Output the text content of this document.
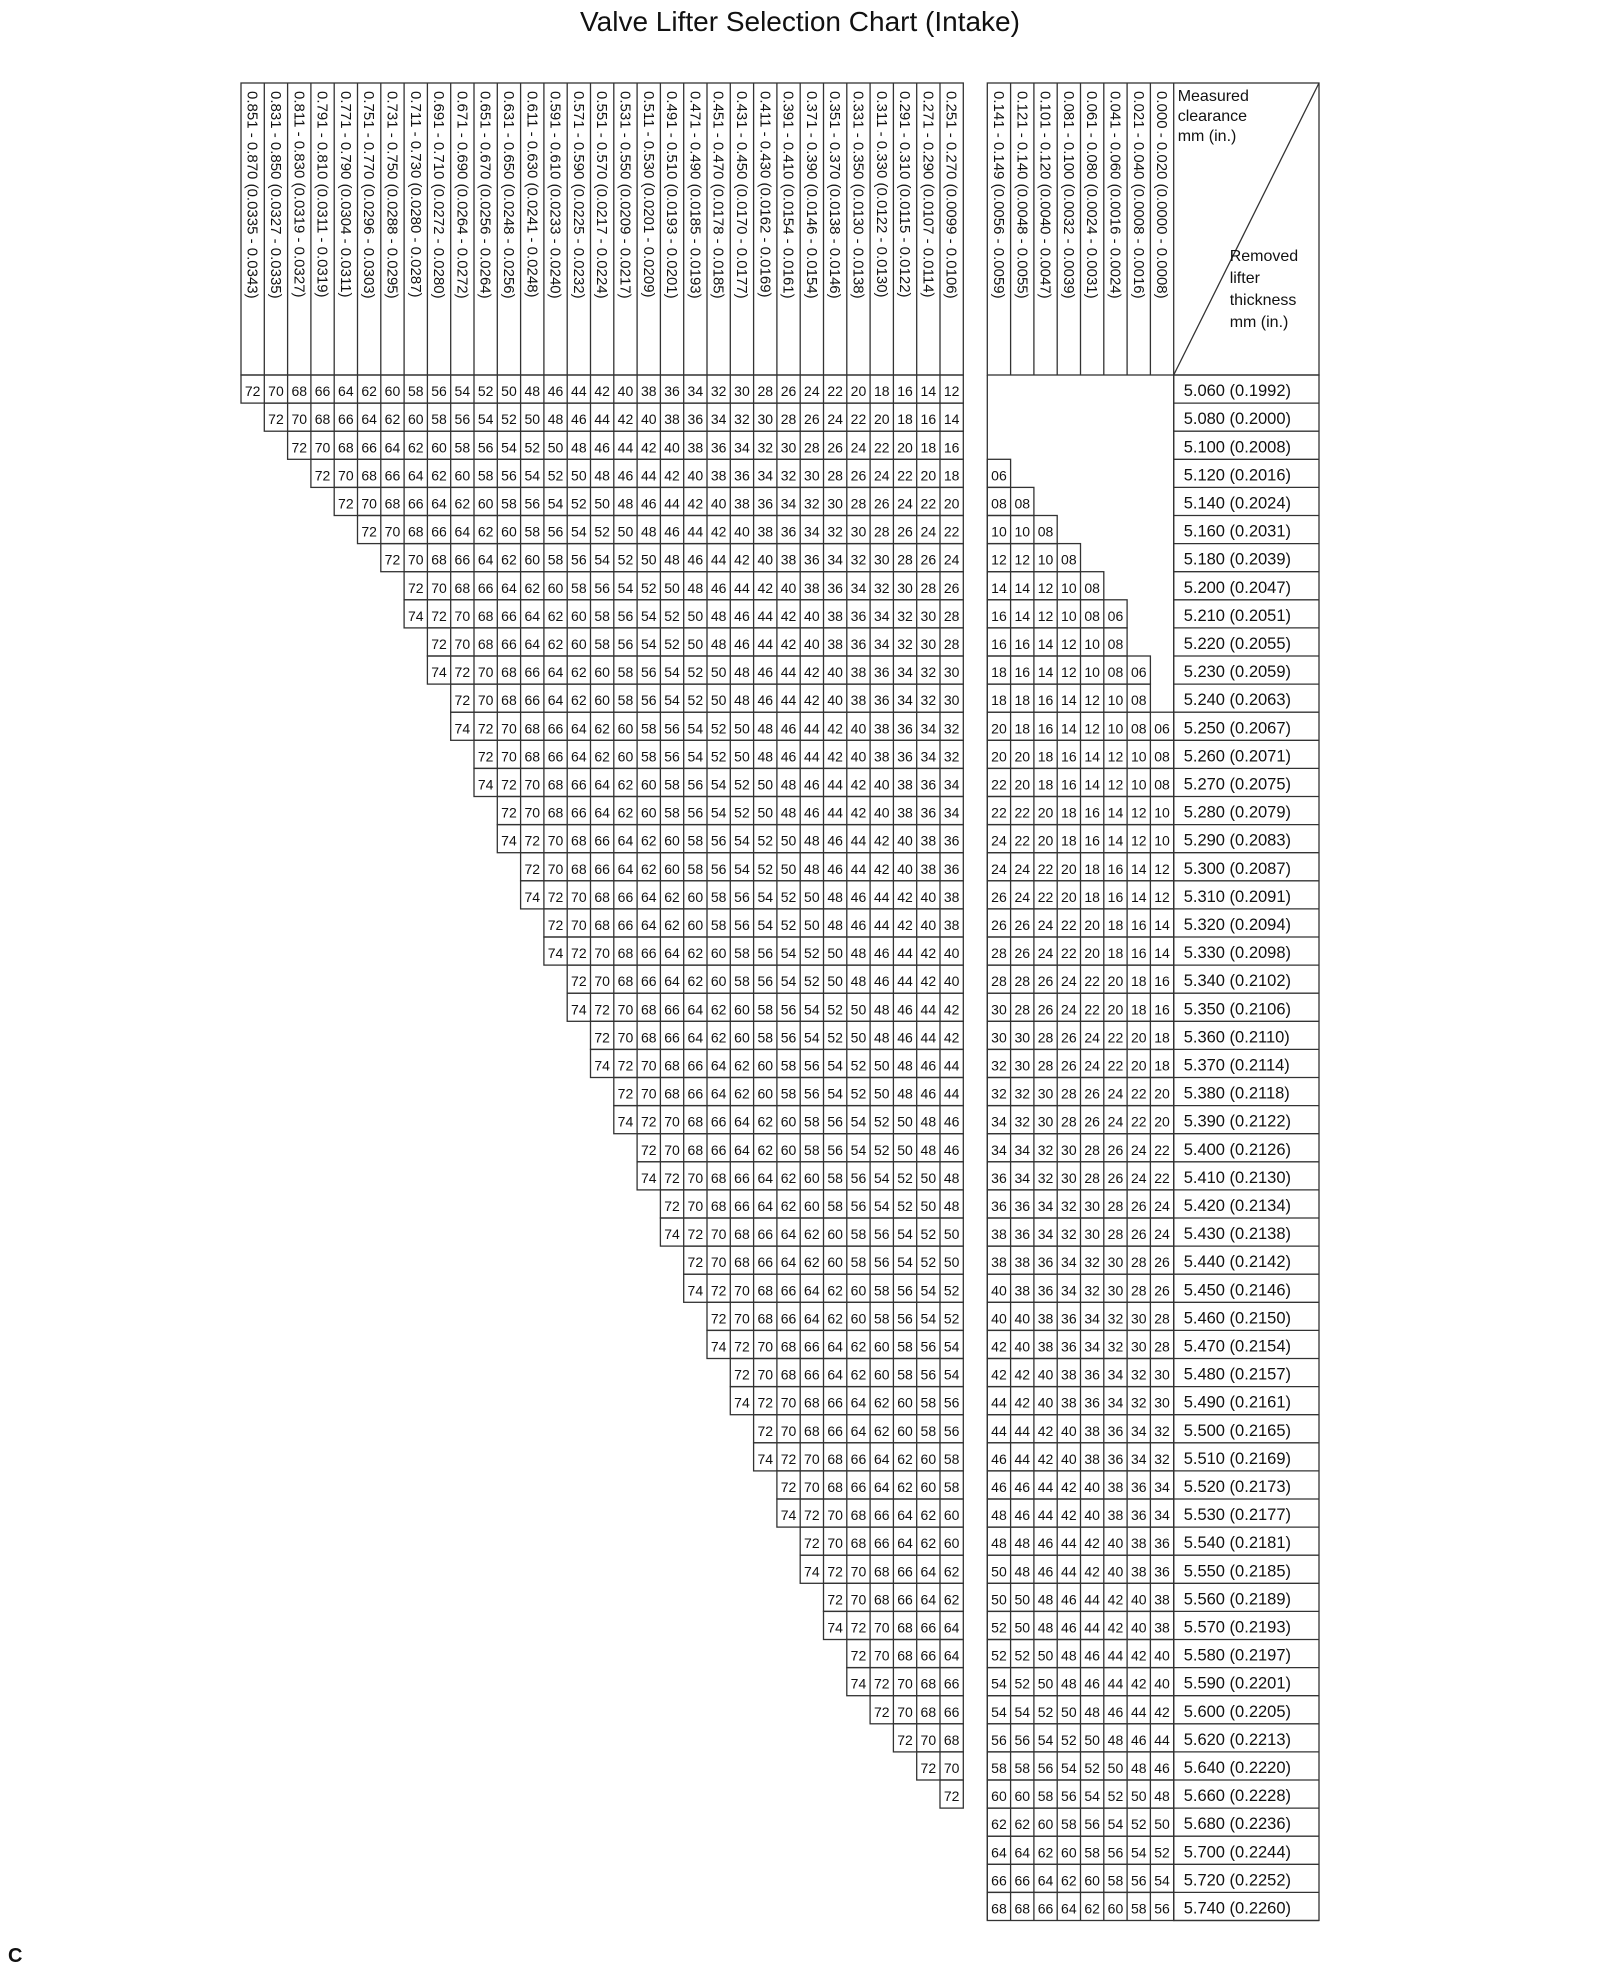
Valve Lifter Selection Chart (Intake)
0.851 - 0.870 (0.0335 - 0.0343) 0.831 - 0.850 (0.0327 - 0.0335) 0.811 - 0.830 (0.0319 - 0.0327) 0.791 - 0.810 (0.0311 - 0.0319) 0.771 - 0.790 (0.0304 - 0.0311) 0.751 - 0.770 (0.0296 - 0.0303) 0.731 - 0.750 (0.0288 - 0.0295) 0.711 - 0.730 (0.0280 - 0.0287) 0.691 - 0.710 (0.0272 - 0.0280) 0.671 - 0.690 (0.0264 - 0.0272) 0.651 - 0.670 (0.0256 - 0.0264) 0.631 - 0.650 (0.0248 - 0.0256) 0.611 - 0.630 (0.0241 - 0.0248) 0.591 - 0.610 (0.0233 - 0.0240) 0.571 - 0.590 (0.0225 - 0.0232) 0.551 - 0.570 (0.0217 - 0.0224) 0.531 - 0.550 (0.0209 - 0.0217) 0.511 - 0.530 (0.0201 - 0.0209) 0.491 - 0.510 (0.0193 - 0.0201) 0.471 - 0.490 (0.0185 - 0.0193) 0.451 - 0.470 (0.0178 - 0.0185) 0.431 - 0.450 (0.0170 - 0.0177) 0.411 - 0.430 (0.0162 - 0.0169) 0.391 - 0.410 (0.0154 - 0.0161) 0.371 - 0.390 (0.0146 - 0.0154) 0.351 - 0.370 (0.0138 - 0.0146) 0.331 - 0.350 (0.0130 - 0.0138) 0.311 - 0.330 (0.0122 - 0.0130) 0.291 - 0.310 (0.0115 - 0.0122) 0.271 - 0.290 (0.0107 - 0.0114) 0.251 - 0.270 (0.0099 - 0.0106) 0.141 - 0.149 (0.0056 - 0.0059) 0.121 - 0.140 (0.0048 - 0.0055) 0.101 - 0.120 (0.0040 - 0.0047) 0.081 - 0.100 (0.0032 - 0.0039) 0.061 - 0.080 (0.0024 - 0.0031) 0.041 - 0.060 (0.0016 - 0.0024) 0.021 - 0.040 (0.0008 - 0.0016) 0.000 - 0.020 (0.0000 - 0.0008) Measured
clearance
mm (in.)
Removed
lifter
thickness
mm (in.)
5.060 (0.1992)
72 70 68 66 64 62 60 58 56 54 52 50 48 46 44 42 40 38 36 34 32 30 28 26 24 22 20 18 16 14 12
5.080 (0.2000)
72 70 68 66 64 62 60 58 56 54 52 50 48 46 44 42 40 38 36 34 32 30 28 26 24 22 20 18 16 14
5.100 (0.2008)
72 70 68 66 64 62 60 58 56 54 52 50 48 46 44 42 40 38 36 34 32 30 28 26 24 22 20 18 16
5.120 (0.2016)
72 70 68 66 64 62 60 58 56 54 52 50 48 46 44 42 40 38 36 34 32 30 28 26 24 22 20 18 06
5.140 (0.2024)
72 70 68 66 64 62 60 58 56 54 52 50 48 46 44 42 40 38 36 34 32 30 28 26 24 22 20 08 08
5.160 (0.2031)
72 70 68 66 64 62 60 58 56 54 52 50 48 46 44 42 40 38 36 34 32 30 28 26 24 22 10 10 08
5.180 (0.2039)
72 70 68 66 64 62 60 58 56 54 52 50 48 46 44 42 40 38 36 34 32 30 28 26 24 12 12 10 08
5.200 (0.2047)
72 70 68 66 64 62 60 58 56 54 52 50 48 46 44 42 40 38 36 34 32 30 28 26 14 14 12 10 08
5.210 (0.2051)
74 72 70 68 66 64 62 60 58 56 54 52 50 48 46 44 42 40 38 36 34 32 30 28 16 14 12 10 08 06
5.220 (0.2055)
72 70 68 66 64 62 60 58 56 54 52 50 48 46 44 42 40 38 36 34 32 30 28 16 16 14 12 10 08
5.230 (0.2059)
74 72 70 68 66 64 62 60 58 56 54 52 50 48 46 44 42 40 38 36 34 32 30 18 16 14 12 10 08 06
5.240 (0.2063)
72 70 68 66 64 62 60 58 56 54 52 50 48 46 44 42 40 38 36 34 32 30 18 18 16 14 12 10 08
5.250 (0.2067)
74 72 70 68 66 64 62 60 58 56 54 52 50 48 46 44 42 40 38 36 34 32 20 18 16 14 12 10 08 06
5.260 (0.2071)
72 70 68 66 64 62 60 58 56 54 52 50 48 46 44 42 40 38 36 34 32 20 20 18 16 14 12 10 08
5.270 (0.2075)
74 72 70 68 66 64 62 60 58 56 54 52 50 48 46 44 42 40 38 36 34 22 20 18 16 14 12 10 08
5.280 (0.2079)
72 70 68 66 64 62 60 58 56 54 52 50 48 46 44 42 40 38 36 34 22 22 20 18 16 14 12 10
5.290 (0.2083)
74 72 70 68 66 64 62 60 58 56 54 52 50 48 46 44 42 40 38 36 24 22 20 18 16 14 12 10
5.300 (0.2087)
72 70 68 66 64 62 60 58 56 54 52 50 48 46 44 42 40 38 36 24 24 22 20 18 16 14 12
5.310 (0.2091)
74 72 70 68 66 64 62 60 58 56 54 52 50 48 46 44 42 40 38 26 24 22 20 18 16 14 12
5.320 (0.2094)
72 70 68 66 64 62 60 58 56 54 52 50 48 46 44 42 40 38 26 26 24 22 20 18 16 14
5.330 (0.2098)
74 72 70 68 66 64 62 60 58 56 54 52 50 48 46 44 42 40 28 26 24 22 20 18 16 14
5.340 (0.2102)
72 70 68 66 64 62 60 58 56 54 52 50 48 46 44 42 40 28 28 26 24 22 20 18 16
5.350 (0.2106)
74 72 70 68 66 64 62 60 58 56 54 52 50 48 46 44 42 30 28 26 24 22 20 18 16
5.360 (0.2110)
72 70 68 66 64 62 60 58 56 54 52 50 48 46 44 42 30 30 28 26 24 22 20 18
5.370 (0.2114)
74 72 70 68 66 64 62 60 58 56 54 52 50 48 46 44 32 30 28 26 24 22 20 18
5.380 (0.2118)
72 70 68 66 64 62 60 58 56 54 52 50 48 46 44 32 32 30 28 26 24 22 20
5.390 (0.2122)
74 72 70 68 66 64 62 60 58 56 54 52 50 48 46 34 32 30 28 26 24 22 20
5.400 (0.2126)
72 70 68 66 64 62 60 58 56 54 52 50 48 46 34 34 32 30 28 26 24 22
5.410 (0.2130)
74 72 70 68 66 64 62 60 58 56 54 52 50 48 36 34 32 30 28 26 24 22
5.420 (0.2134)
72 70 68 66 64 62 60 58 56 54 52 50 48 36 36 34 32 30 28 26 24
5.430 (0.2138)
74 72 70 68 66 64 62 60 58 56 54 52 50 38 36 34 32 30 28 26 24
5.440 (0.2142)
72 70 68 66 64 62 60 58 56 54 52 50 38 38 36 34 32 30 28 26
5.450 (0.2146)
74 72 70 68 66 64 62 60 58 56 54 52 40 38 36 34 32 30 28 26
5.460 (0.2150)
72 70 68 66 64 62 60 58 56 54 52 40 40 38 36 34 32 30 28
5.470 (0.2154)
74 72 70 68 66 64 62 60 58 56 54 42 40 38 36 34 32 30 28
5.480 (0.2157)
72 70 68 66 64 62 60 58 56 54 42 42 40 38 36 34 32 30
5.490 (0.2161)
74 72 70 68 66 64 62 60 58 56 44 42 40 38 36 34 32 30
5.500 (0.2165)
72 70 68 66 64 62 60 58 56 44 44 42 40 38 36 34 32
5.510 (0.2169)
74 72 70 68 66 64 62 60 58 46 44 42 40 38 36 34 32
5.520 (0.2173)
72 70 68 66 64 62 60 58 46 46 44 42 40 38 36 34
5.530 (0.2177)
74 72 70 68 66 64 62 60 48 46 44 42 40 38 36 34
5.540 (0.2181)
72 70 68 66 64 62 60 48 48 46 44 42 40 38 36
5.550 (0.2185)
74 72 70 68 66 64 62 50 48 46 44 42 40 38 36
5.560 (0.2189)
72 70 68 66 64 62 50 50 48 46 44 42 40 38
5.570 (0.2193)
74 72 70 68 66 64 52 50 48 46 44 42 40 38
5.580 (0.2197)
72 70 68 66 64 52 52 50 48 46 44 42 40
5.590 (0.2201)
74 72 70 68 66 54 52 50 48 46 44 42 40
5.600 (0.2205)
72 70 68 66 54 54 52 50 48 46 44 42
5.620 (0.2213)
72 70 68 56 56 54 52 50 48 46 44
5.640 (0.2220)
72 70 58 58 56 54 52 50 48 46
5.660 (0.2228)
72 60 60 58 56 54 52 50 48
5.680 (0.2236)
62 62 60 58 56 54 52 50
5.700 (0.2244)
64 64 62 60 58 56 54 52
5.720 (0.2252)
66 66 64 62 60 58 56 54
5.740 (0.2260)
68 68 66 64 62 60 58 56
C
